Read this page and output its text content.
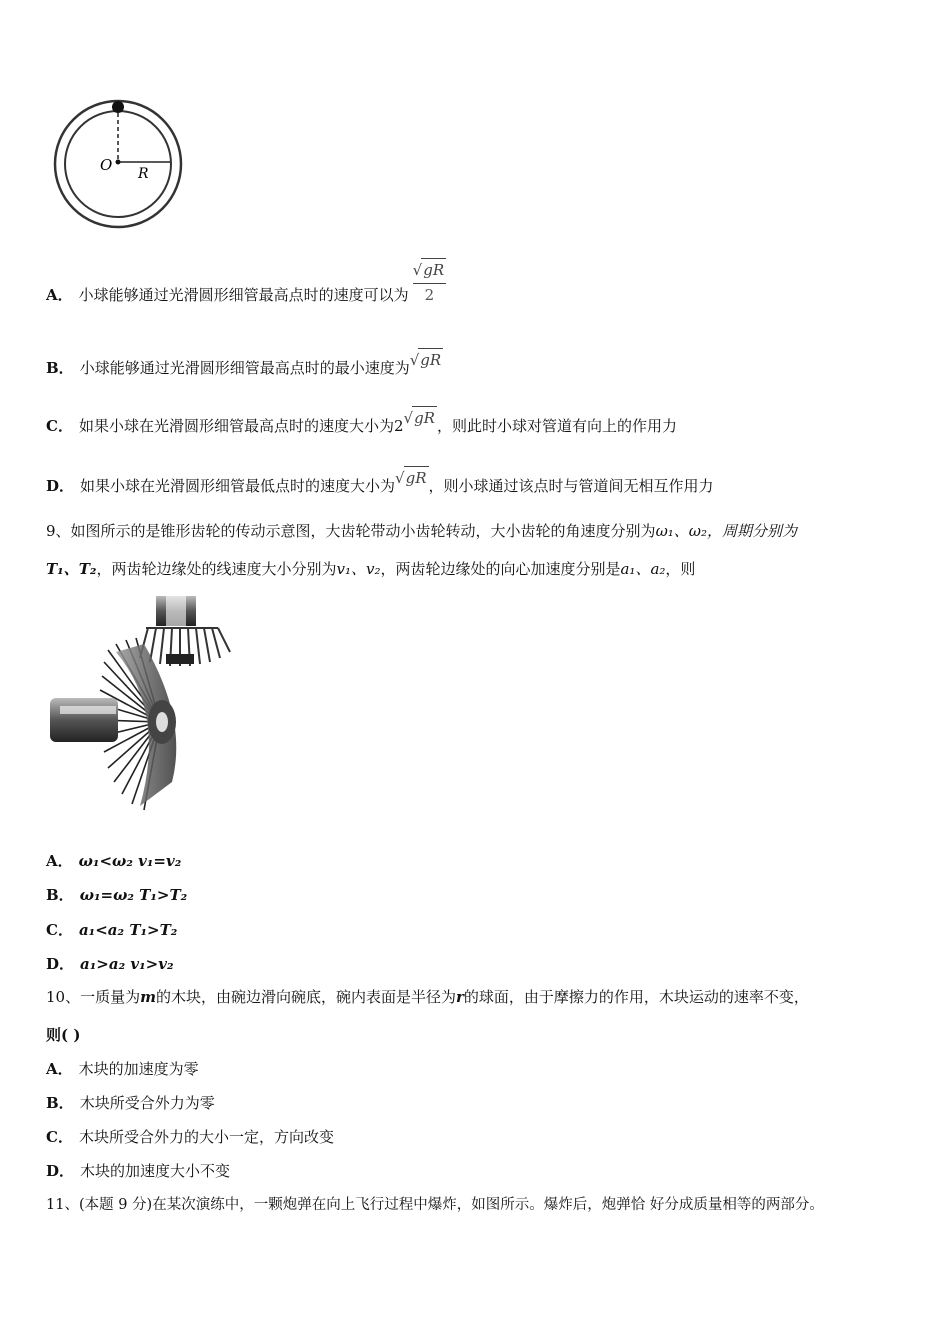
O R
A． 小球能够通过光滑圆形细管最高点时的速度可以为 $\frac{√gR}{2}$
B． 小球能够通过光滑圆形细管最高点时的最小速度为√gR
C． 如果小球在光滑圆形细管最高点时的速度大小为2√gR ，则此时小球对管道有向上的作用力
D． 如果小球在光滑圆形细管最低点时的速度大小为√gR ，则小球通过该点时与管道间无相互作用力
9、如图所示的是锥形齿轮的传动示意图，大齿轮带动小齿轮转动，大小齿轮的角速度分别为ω₁、ω₂，周期分别为
T₁、T₂，两齿轮边缘处的线速度大小分别为v₁、v₂，两齿轮边缘处的向心加速度分别是a₁、a₂，则
A． ω₁<ω₂ v₁=v₂
B． ω₁=ω₂ T₁>T₂
C． a₁<a₂ T₁>T₂
D． a₁>a₂ v₁>v₂
10、一质量为m的木块，由碗边滑向碗底，碗内表面是半径为r的球面，由于摩擦力的作用，木块运动的速率不变，
则( )
A． 木块的加速度为零
B． 木块所受合外力为零
C． 木块所受合外力的大小一定，方向改变
D． 木块的加速度大小不变
11、(本题 9 分)在某次演练中，一颗炮弹在向上飞行过程中爆炸，如图所示。爆炸后，炮弹恰 好分成质量相等的两部分。
